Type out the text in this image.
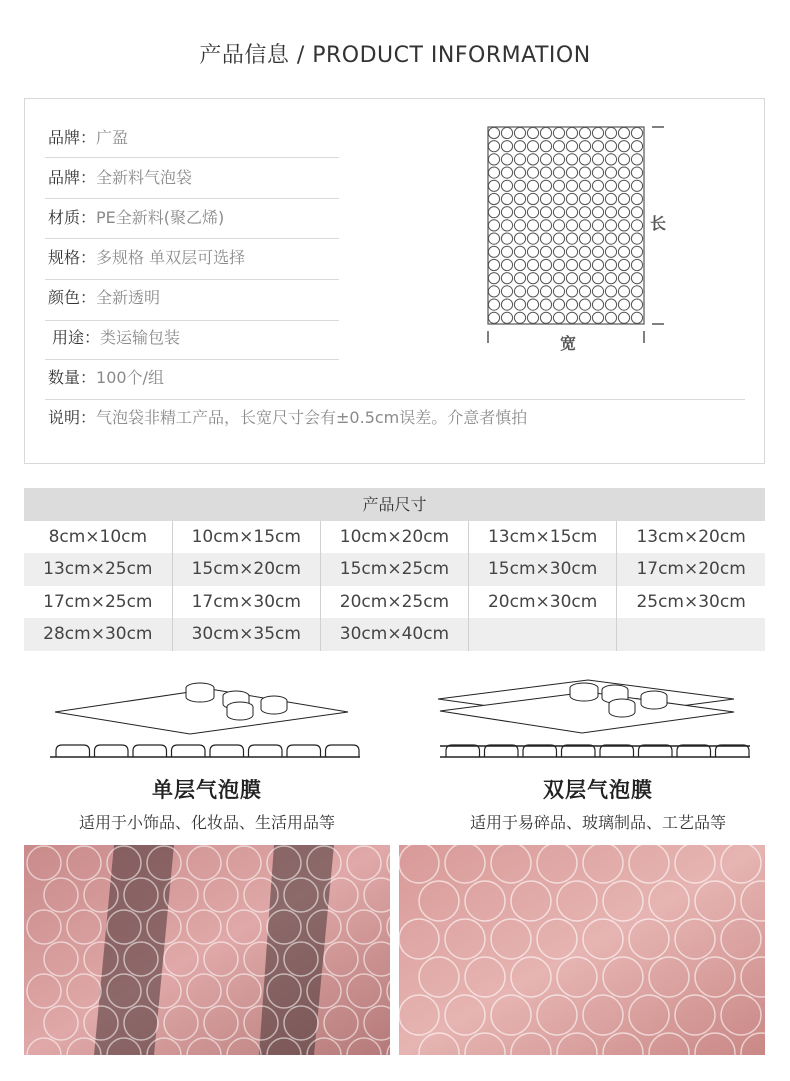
产品信息 / PRODUCT INFORMATION
品牌：广盈
品牌：全新料气泡袋
材质：PE全新料(聚乙烯)
规格：多规格 单双层可选择
颜色：全新透明
用途：类运输包装
数量：100个/组
说明：气泡袋非精工产品，长宽尺寸会有±0.5cm误差。介意者慎拍
长
宽
产品尺寸
8cm×10cm	10cm×15cm	10cm×20cm	13cm×15cm	13cm×20cm
13cm×25cm	15cm×20cm	15cm×25cm	15cm×30cm	17cm×20cm
17cm×25cm	17cm×30cm	20cm×25cm	20cm×30cm	25cm×30cm
28cm×30cm	30cm×35cm	30cm×40cm		
单层气泡膜
适用于小饰品、化妆品、生活用品等
双层气泡膜
适用于易碎品、玻璃制品、工艺品等
